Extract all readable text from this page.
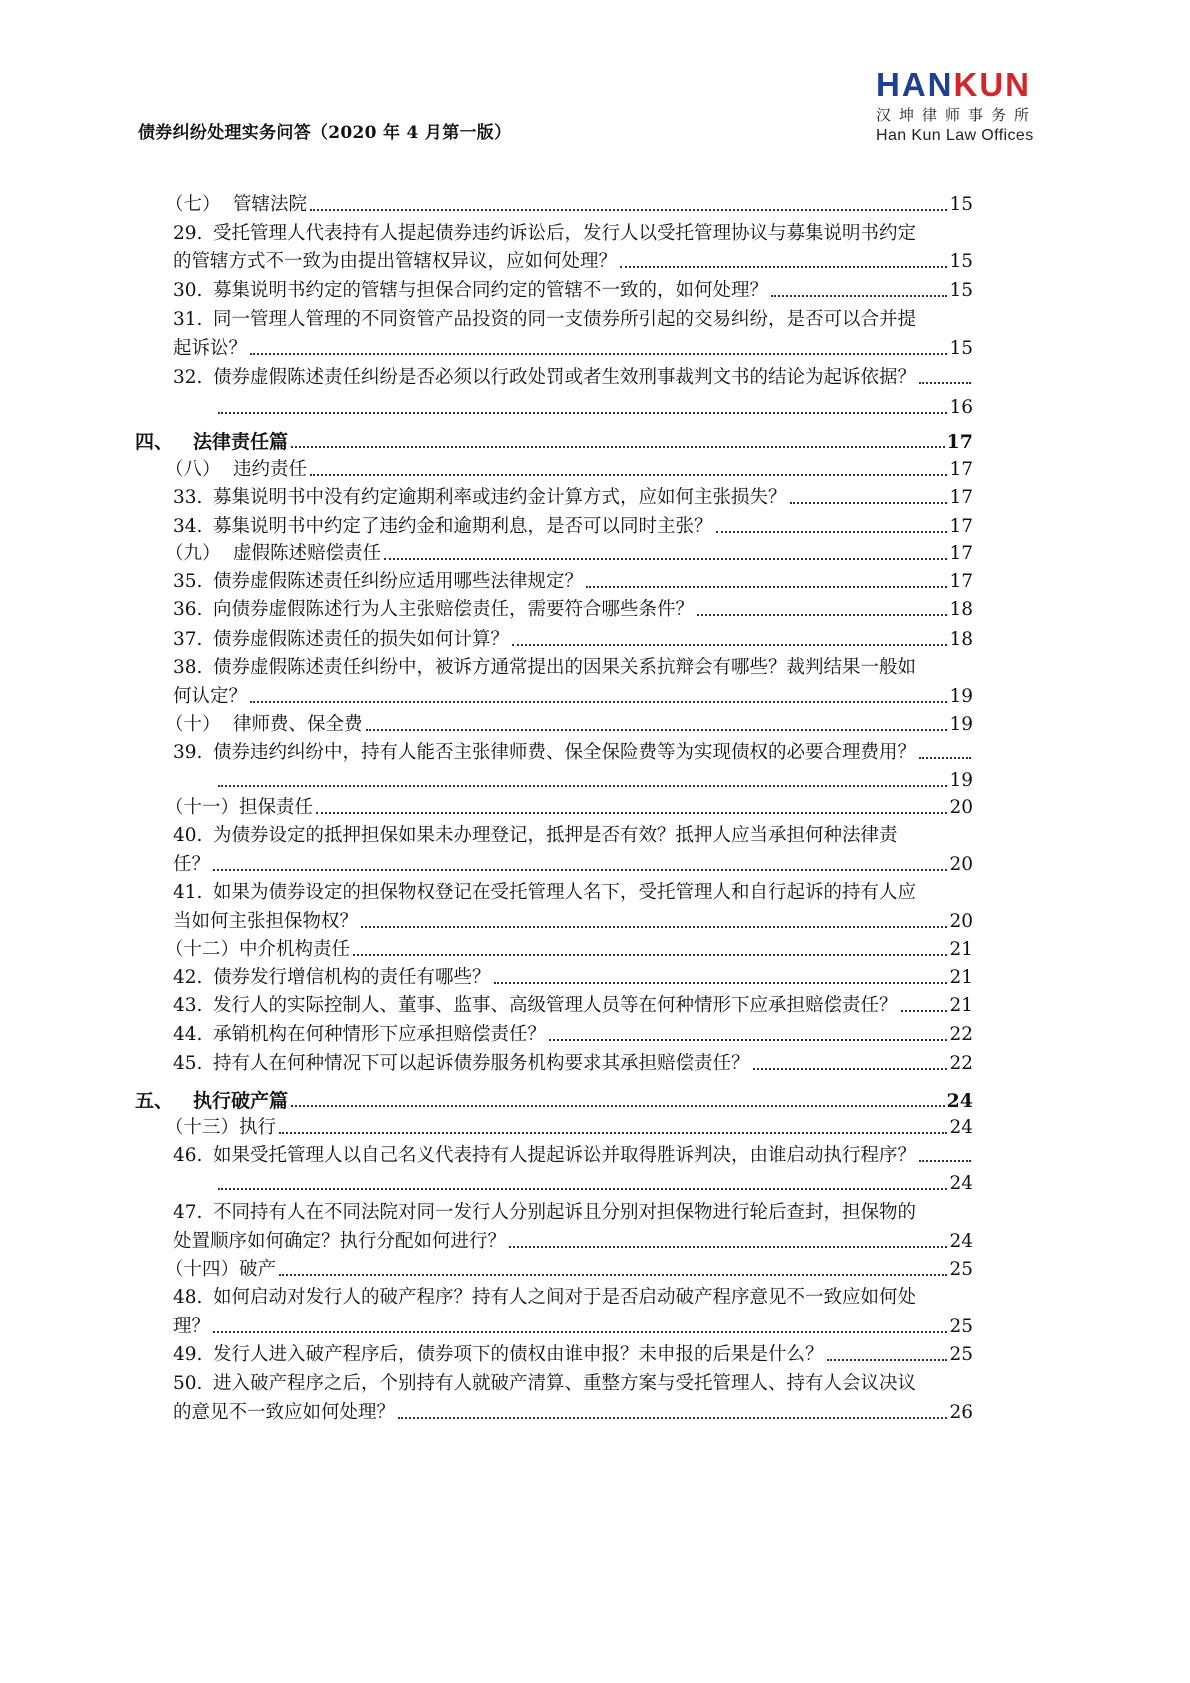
债券纠纷处理实务问答（2020 年 4 月第一版）
HANKUN
汉坤律师事务所
Han Kun Law Offices
（七） 管辖法院	15
29. 受托管理人代表持有人提起债券违约诉讼后，发行人以受托管理协议与募集说明书约定
的管辖方式不一致为由提出管辖权异议，应如何处理？	15
30. 募集说明书约定的管辖与担保合同约定的管辖不一致的，如何处理？	15
31. 同一管理人管理的不同资管产品投资的同一支债券所引起的交易纠纷，是否可以合并提
起诉讼？	15
32. 债券虚假陈述责任纠纷是否必须以行政处罚或者生效刑事裁判文书的结论为起诉依据？
16
四、	法律责任篇	17
（八） 违约责任	17
33. 募集说明书中没有约定逾期利率或违约金计算方式，应如何主张损失？	17
34. 募集说明书中约定了违约金和逾期利息，是否可以同时主张？	17
（九） 虚假陈述赔偿责任	17
35. 债券虚假陈述责任纠纷应适用哪些法律规定？	17
36. 向债券虚假陈述行为人主张赔偿责任，需要符合哪些条件？	18
37. 债券虚假陈述责任的损失如何计算？	18
38. 债券虚假陈述责任纠纷中，被诉方通常提出的因果关系抗辩会有哪些？裁判结果一般如
何认定？	19
（十） 律师费、保全费	19
39. 债券违约纠纷中，持有人能否主张律师费、保全保险费等为实现债权的必要合理费用？
19
（十一） 担保责任	20
40. 为债券设定的抵押担保如果未办理登记，抵押是否有效？抵押人应当承担何种法律责
任？	20
41. 如果为债券设定的担保物权登记在受托管理人名下，受托管理人和自行起诉的持有人应
当如何主张担保物权？	20
（十二） 中介机构责任	21
42. 债券发行增信机构的责任有哪些？	21
43. 发行人的实际控制人、董事、监事、高级管理人员等在何种情形下应承担赔偿责任？	21
44. 承销机构在何种情形下应承担赔偿责任？	22
45. 持有人在何种情况下可以起诉债券服务机构要求其承担赔偿责任？	22
五、	执行破产篇	24
（十三） 执行	24
46. 如果受托管理人以自己名义代表持有人提起诉讼并取得胜诉判决，由谁启动执行程序？
24
47. 不同持有人在不同法院对同一发行人分别起诉且分别对担保物进行轮后查封，担保物的
处置顺序如何确定？执行分配如何进行？	24
（十四） 破产	25
48. 如何启动对发行人的破产程序？持有人之间对于是否启动破产程序意见不一致应如何处
理？	25
49. 发行人进入破产程序后，债券项下的债权由谁申报？未申报的后果是什么？	25
50. 进入破产程序之后，个别持有人就破产清算、重整方案与受托管理人、持有人会议决议
的意见不一致应如何处理？	26
